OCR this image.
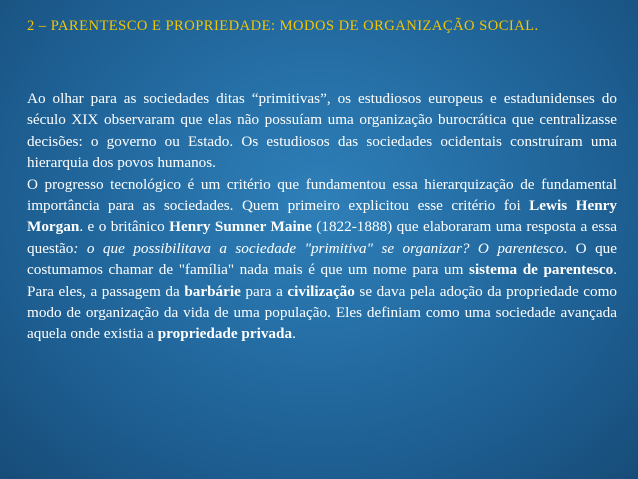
2 – PARENTESCO E PROPRIEDADE: MODOS DE ORGANIZAÇÃO SOCIAL.

Ao olhar para as sociedades ditas “primitivas”, os estudiosos europeus e estadunidenses do século XIX observaram que elas não possuíam uma organização burocrática que centralizasse decisões: o governo ou Estado. Os estudiosos das sociedades ocidentais construíram uma hierarquia dos povos humanos.

O progresso tecnológico é um critério que fundamentou essa hierarquização de fundamental importância para as sociedades. Quem primeiro explicitou esse critério foi Lewis Henry Morgan. e o britânico Henry Sumner Maine (1822-1888) que elaboraram uma resposta a essa questão: o que possibilitava a sociedade "primitiva" se organizar? O parentesco. O que costumamos chamar de "família" nada mais é que um nome para um sistema de parentesco. Para eles, a passagem da barbárie para a civilização se dava pela adoção da propriedade como modo de organização da vida de uma população. Eles definiam como uma sociedade avançada aquela onde existia a propriedade privada.
